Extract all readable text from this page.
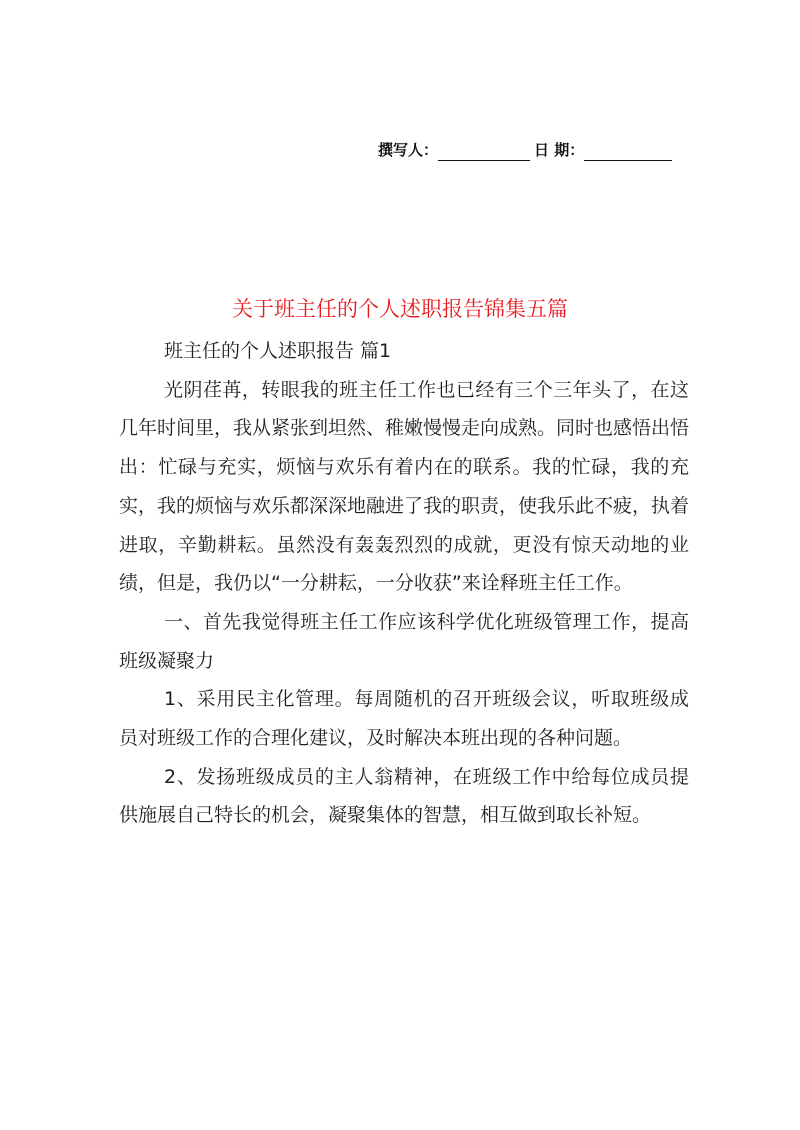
撰写人：	日 期：
关于班主任的个人述职报告锦集五篇

班主任的个人述职报告 篇1

光阴荏苒，转眼我的班主任工作也已经有三个三年头了，在这几年时间里，我从紧张到坦然、稚嫩慢慢走向成熟。同时也感悟出悟出：忙碌与充实，烦恼与欢乐有着内在的联系。我的忙碌，我的充实，我的烦恼与欢乐都深深地融进了我的职责，使我乐此不疲，执着进取，辛勤耕耘。虽然没有轰轰烈烈的成就，更没有惊天动地的业绩，但是，我仍以“一分耕耘，一分收获”来诠释班主任工作。

一、首先我觉得班主任工作应该科学优化班级管理工作，提高班级凝聚力

1、采用民主化管理。每周随机的召开班级会议，听取班级成员对班级工作的合理化建议，及时解决本班出现的各种问题。

2、发扬班级成员的主人翁精神，在班级工作中给每位成员提供施展自己特长的机会，凝聚集体的智慧，相互做到取长补短。
